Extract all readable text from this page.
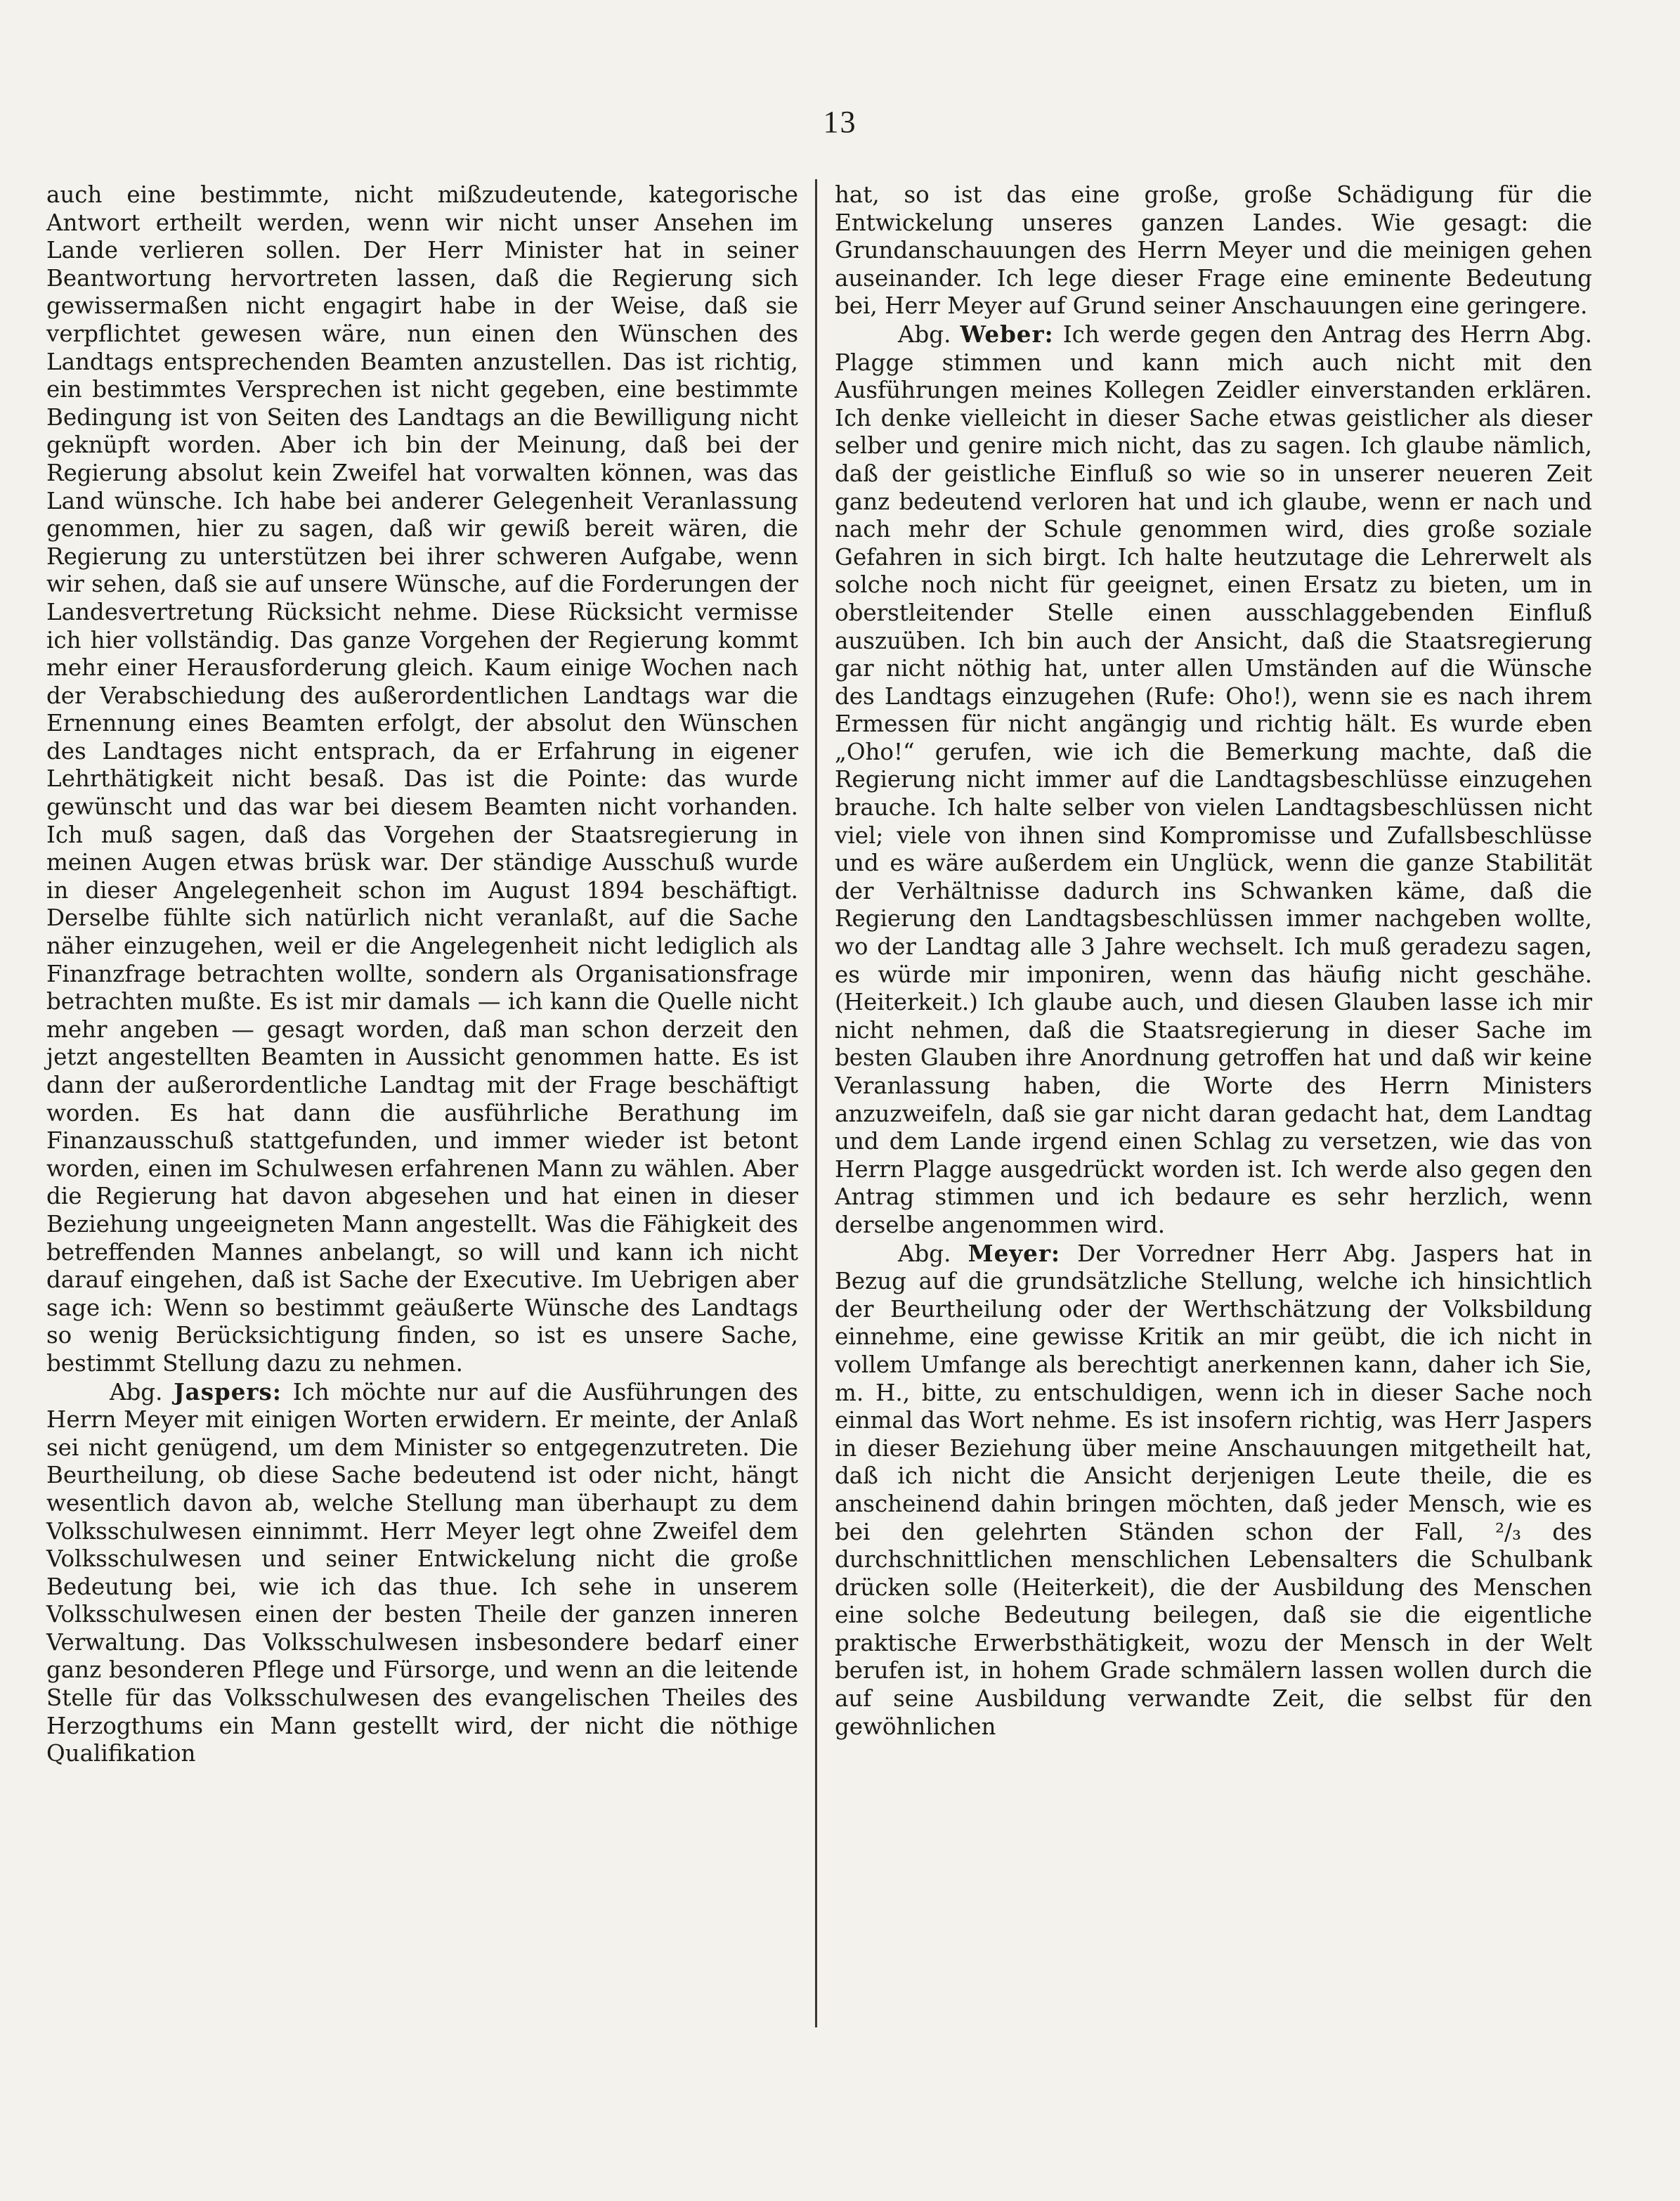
13

auch eine bestimmte, nicht mißzudeutende, kategorische Antwort ertheilt werden, wenn wir nicht unser Ansehen im Lande verlieren sollen. Der Herr Minister hat in seiner Beantwortung hervortreten lassen, daß die Regierung sich gewissermaßen nicht engagirt habe in der Weise, daß sie verpflichtet gewesen wäre, nun einen den Wünschen des Landtags entsprechenden Beamten anzustellen. Das ist richtig, ein bestimmtes Versprechen ist nicht gegeben, eine bestimmte Bedingung ist von Seiten des Landtags an die Bewilligung nicht geknüpft worden. Aber ich bin der Meinung, daß bei der Regierung absolut kein Zweifel hat vorwalten können, was das Land wünsche. Ich habe bei anderer Gelegenheit Veranlassung genommen, hier zu sagen, daß wir gewiß bereit wären, die Regierung zu unterstützen bei ihrer schweren Aufgabe, wenn wir sehen, daß sie auf unsere Wünsche, auf die Forderungen der Landesvertretung Rücksicht nehme. Diese Rücksicht vermisse ich hier vollständig. Das ganze Vorgehen der Regierung kommt mehr einer Herausforderung gleich. Kaum einige Wochen nach der Verabschiedung des außerordentlichen Landtags war die Ernennung eines Beamten erfolgt, der absolut den Wünschen des Landtages nicht entsprach, da er Erfahrung in eigener Lehrthätigkeit nicht besaß. Das ist die Pointe: das wurde gewünscht und das war bei diesem Beamten nicht vorhanden. Ich muß sagen, daß das Vorgehen der Staatsregierung in meinen Augen etwas brüsk war. Der ständige Ausschuß wurde in dieser Angelegenheit schon im August 1894 beschäftigt. Derselbe fühlte sich natürlich nicht veranlaßt, auf die Sache näher einzugehen, weil er die Angelegenheit nicht lediglich als Finanzfrage betrachten wollte, sondern als Organisationsfrage betrachten mußte. Es ist mir damals — ich kann die Quelle nicht mehr angeben — gesagt worden, daß man schon derzeit den jetzt angestellten Beamten in Aussicht genommen hatte. Es ist dann der außerordentliche Landtag mit der Frage beschäftigt worden. Es hat dann die ausführliche Berathung im Finanzausschuß stattgefunden, und immer wieder ist betont worden, einen im Schulwesen erfahrenen Mann zu wählen. Aber die Regierung hat davon abgesehen und hat einen in dieser Beziehung ungeeigneten Mann angestellt. Was die Fähigkeit des betreffenden Mannes anbelangt, so will und kann ich nicht darauf eingehen, daß ist Sache der Executive. Im Uebrigen aber sage ich: Wenn so bestimmt geäußerte Wünsche des Landtags so wenig Berücksichtigung finden, so ist es unsere Sache, bestimmt Stellung dazu zu nehmen.

Abg. Jaspers: Ich möchte nur auf die Ausführungen des Herrn Meyer mit einigen Worten erwidern. Er meinte, der Anlaß sei nicht genügend, um dem Minister so entgegenzutreten. Die Beurtheilung, ob diese Sache bedeutend ist oder nicht, hängt wesentlich davon ab, welche Stellung man überhaupt zu dem Volksschulwesen einnimmt. Herr Meyer legt ohne Zweifel dem Volksschulwesen und seiner Entwickelung nicht die große Bedeutung bei, wie ich das thue. Ich sehe in unserem Volksschulwesen einen der besten Theile der ganzen inneren Verwaltung. Das Volksschulwesen insbesondere bedarf einer ganz besonderen Pflege und Fürsorge, und wenn an die leitende Stelle für das Volksschulwesen des evangelischen Theiles des Herzogthums ein Mann gestellt wird, der nicht die nöthige Qualifikation

hat, so ist das eine große, große Schädigung für die Entwickelung unseres ganzen Landes. Wie gesagt: die Grundanschauungen des Herrn Meyer und die meinigen gehen auseinander. Ich lege dieser Frage eine eminente Bedeutung bei, Herr Meyer auf Grund seiner Anschauungen eine geringere.

Abg. Weber: Ich werde gegen den Antrag des Herrn Abg. Plagge stimmen und kann mich auch nicht mit den Ausführungen meines Kollegen Zeidler einverstanden erklären. Ich denke vielleicht in dieser Sache etwas geistlicher als dieser selber und genire mich nicht, das zu sagen. Ich glaube nämlich, daß der geistliche Einfluß so wie so in unserer neueren Zeit ganz bedeutend verloren hat und ich glaube, wenn er nach und nach mehr der Schule genommen wird, dies große soziale Gefahren in sich birgt. Ich halte heutzutage die Lehrerwelt als solche noch nicht für geeignet, einen Ersatz zu bieten, um in oberstleitender Stelle einen ausschlaggebenden Einfluß auszuüben. Ich bin auch der Ansicht, daß die Staatsregierung gar nicht nöthig hat, unter allen Umständen auf die Wünsche des Landtags einzugehen (Rufe: Oho!), wenn sie es nach ihrem Ermessen für nicht angängig und richtig hält. Es wurde eben „Oho!“ gerufen, wie ich die Bemerkung machte, daß die Regierung nicht immer auf die Landtagsbeschlüsse einzugehen brauche. Ich halte selber von vielen Landtagsbeschlüssen nicht viel; viele von ihnen sind Kompromisse und Zufallsbeschlüsse und es wäre außerdem ein Unglück, wenn die ganze Stabilität der Verhältnisse dadurch ins Schwanken käme, daß die Regierung den Landtagsbeschlüssen immer nachgeben wollte, wo der Landtag alle 3 Jahre wechselt. Ich muß geradezu sagen, es würde mir imponiren, wenn das häufig nicht geschähe. (Heiterkeit.) Ich glaube auch, und diesen Glauben lasse ich mir nicht nehmen, daß die Staatsregierung in dieser Sache im besten Glauben ihre Anordnung getroffen hat und daß wir keine Veranlassung haben, die Worte des Herrn Ministers anzuzweifeln, daß sie gar nicht daran gedacht hat, dem Landtag und dem Lande irgend einen Schlag zu versetzen, wie das von Herrn Plagge ausgedrückt worden ist. Ich werde also gegen den Antrag stimmen und ich bedaure es sehr herzlich, wenn derselbe angenommen wird.

Abg. Meyer: Der Vorredner Herr Abg. Jaspers hat in Bezug auf die grundsätzliche Stellung, welche ich hinsichtlich der Beurtheilung oder der Werthschätzung der Volksbildung einnehme, eine gewisse Kritik an mir geübt, die ich nicht in vollem Umfange als berechtigt anerkennen kann, daher ich Sie, m. H., bitte, zu entschuldigen, wenn ich in dieser Sache noch einmal das Wort nehme. Es ist insofern richtig, was Herr Jaspers in dieser Beziehung über meine Anschauungen mitgetheilt hat, daß ich nicht die Ansicht derjenigen Leute theile, die es anscheinend dahin bringen möchten, daß jeder Mensch, wie es bei den gelehrten Ständen schon der Fall, ²/₃ des durchschnittlichen menschlichen Lebensalters die Schulbank drücken solle (Heiterkeit), die der Ausbildung des Menschen eine solche Bedeutung beilegen, daß sie die eigentliche praktische Erwerbsthätigkeit, wozu der Mensch in der Welt berufen ist, in hohem Grade schmälern lassen wollen durch die auf seine Ausbildung verwandte Zeit, die selbst für den gewöhnlichen
